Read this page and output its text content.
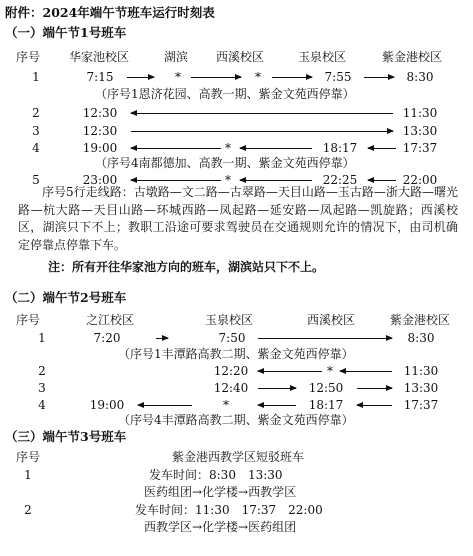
附件：2024年端午节班车运行时刻表
（一）端午节1号班车
序号 华家池校区	湖滨 西溪校区	玉泉校区	紫金港校区
1	7:15	*	*	7:55	8:30
（序号1恩济花园、高教一期、紫金文苑西停靠）
2	12:30	11:30
3	12:30	13:30
4	19:00	*	18:17	17:37
（序号4南都德加、高教一期、紫金文苑西停靠）
5	23:00	*	22:25	22:00
序号5行走线路：古墩路—文二路—古翠路—天目山路—玉古路—浙大路—曙光路—杭大路—天目山路—环城西路—凤起路—延安路—凤起路—凯旋路；西溪校区，湖滨只下不上；教职工沿途可要求驾驶员在交通规则允许的情况下，由司机确定停靠点停靠下车。
注：所有开往华家池方向的班车，湖滨站只下不上。
（二）端午节2号班车
序号	之江校区	玉泉校区	西溪校区	紫金港校区
1	7:20	7:50	8:30
（序号1丰潭路高教二期、紫金文苑西停靠）
2	12:20	*	11:30
3	12:40	12:50	13:30
4	19:00	*	18:17	17:37
（序号4丰潭路高教二期、紫金文苑西停靠）
（三）端午节3号班车
序号	紫金港西教学区短驳班车
1	发车时间：8:30　13:30
医药组团→化学楼→西教学区
2	发车时间：11:30　17:37　22:00
西教学区→化学楼→医药组团
